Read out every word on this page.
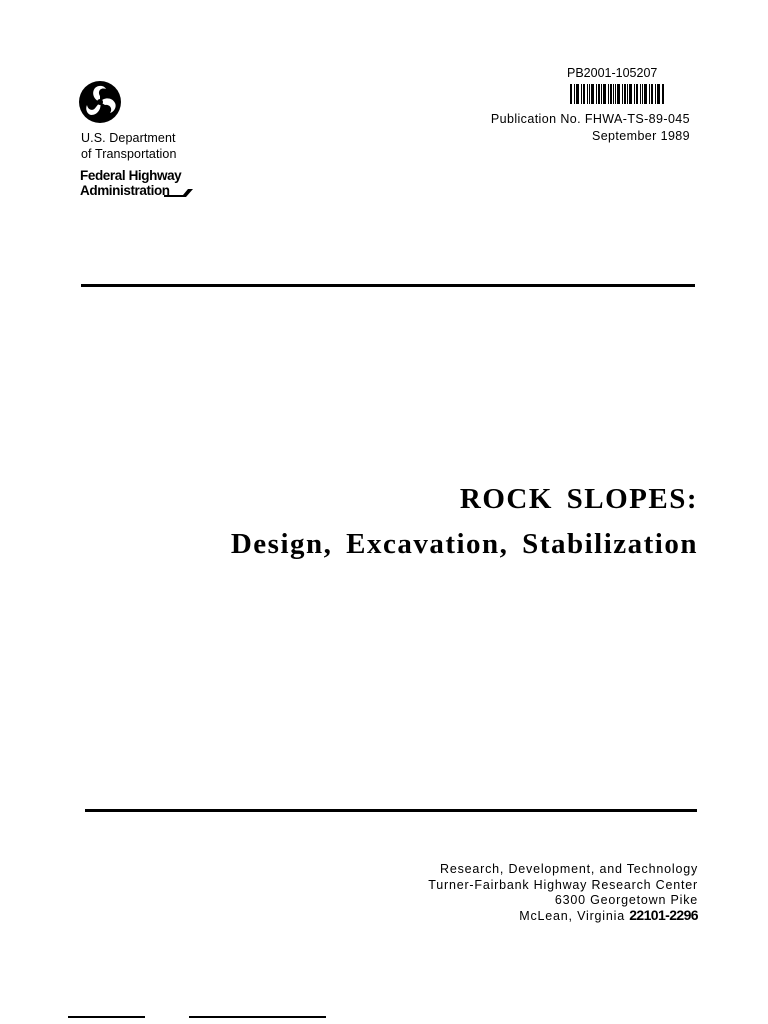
U.S. Department
of Transportation
Federal Highway
Administration
PB2001-105207
Publication No. FHWA-TS-89-045
September 1989
ROCK SLOPES:
Design, Excavation, Stabilization
Research, Development, and Technology
Turner-Fairbank Highway Research Center
6300 Georgetown Pike
McLean, Virginia 22101-2296
